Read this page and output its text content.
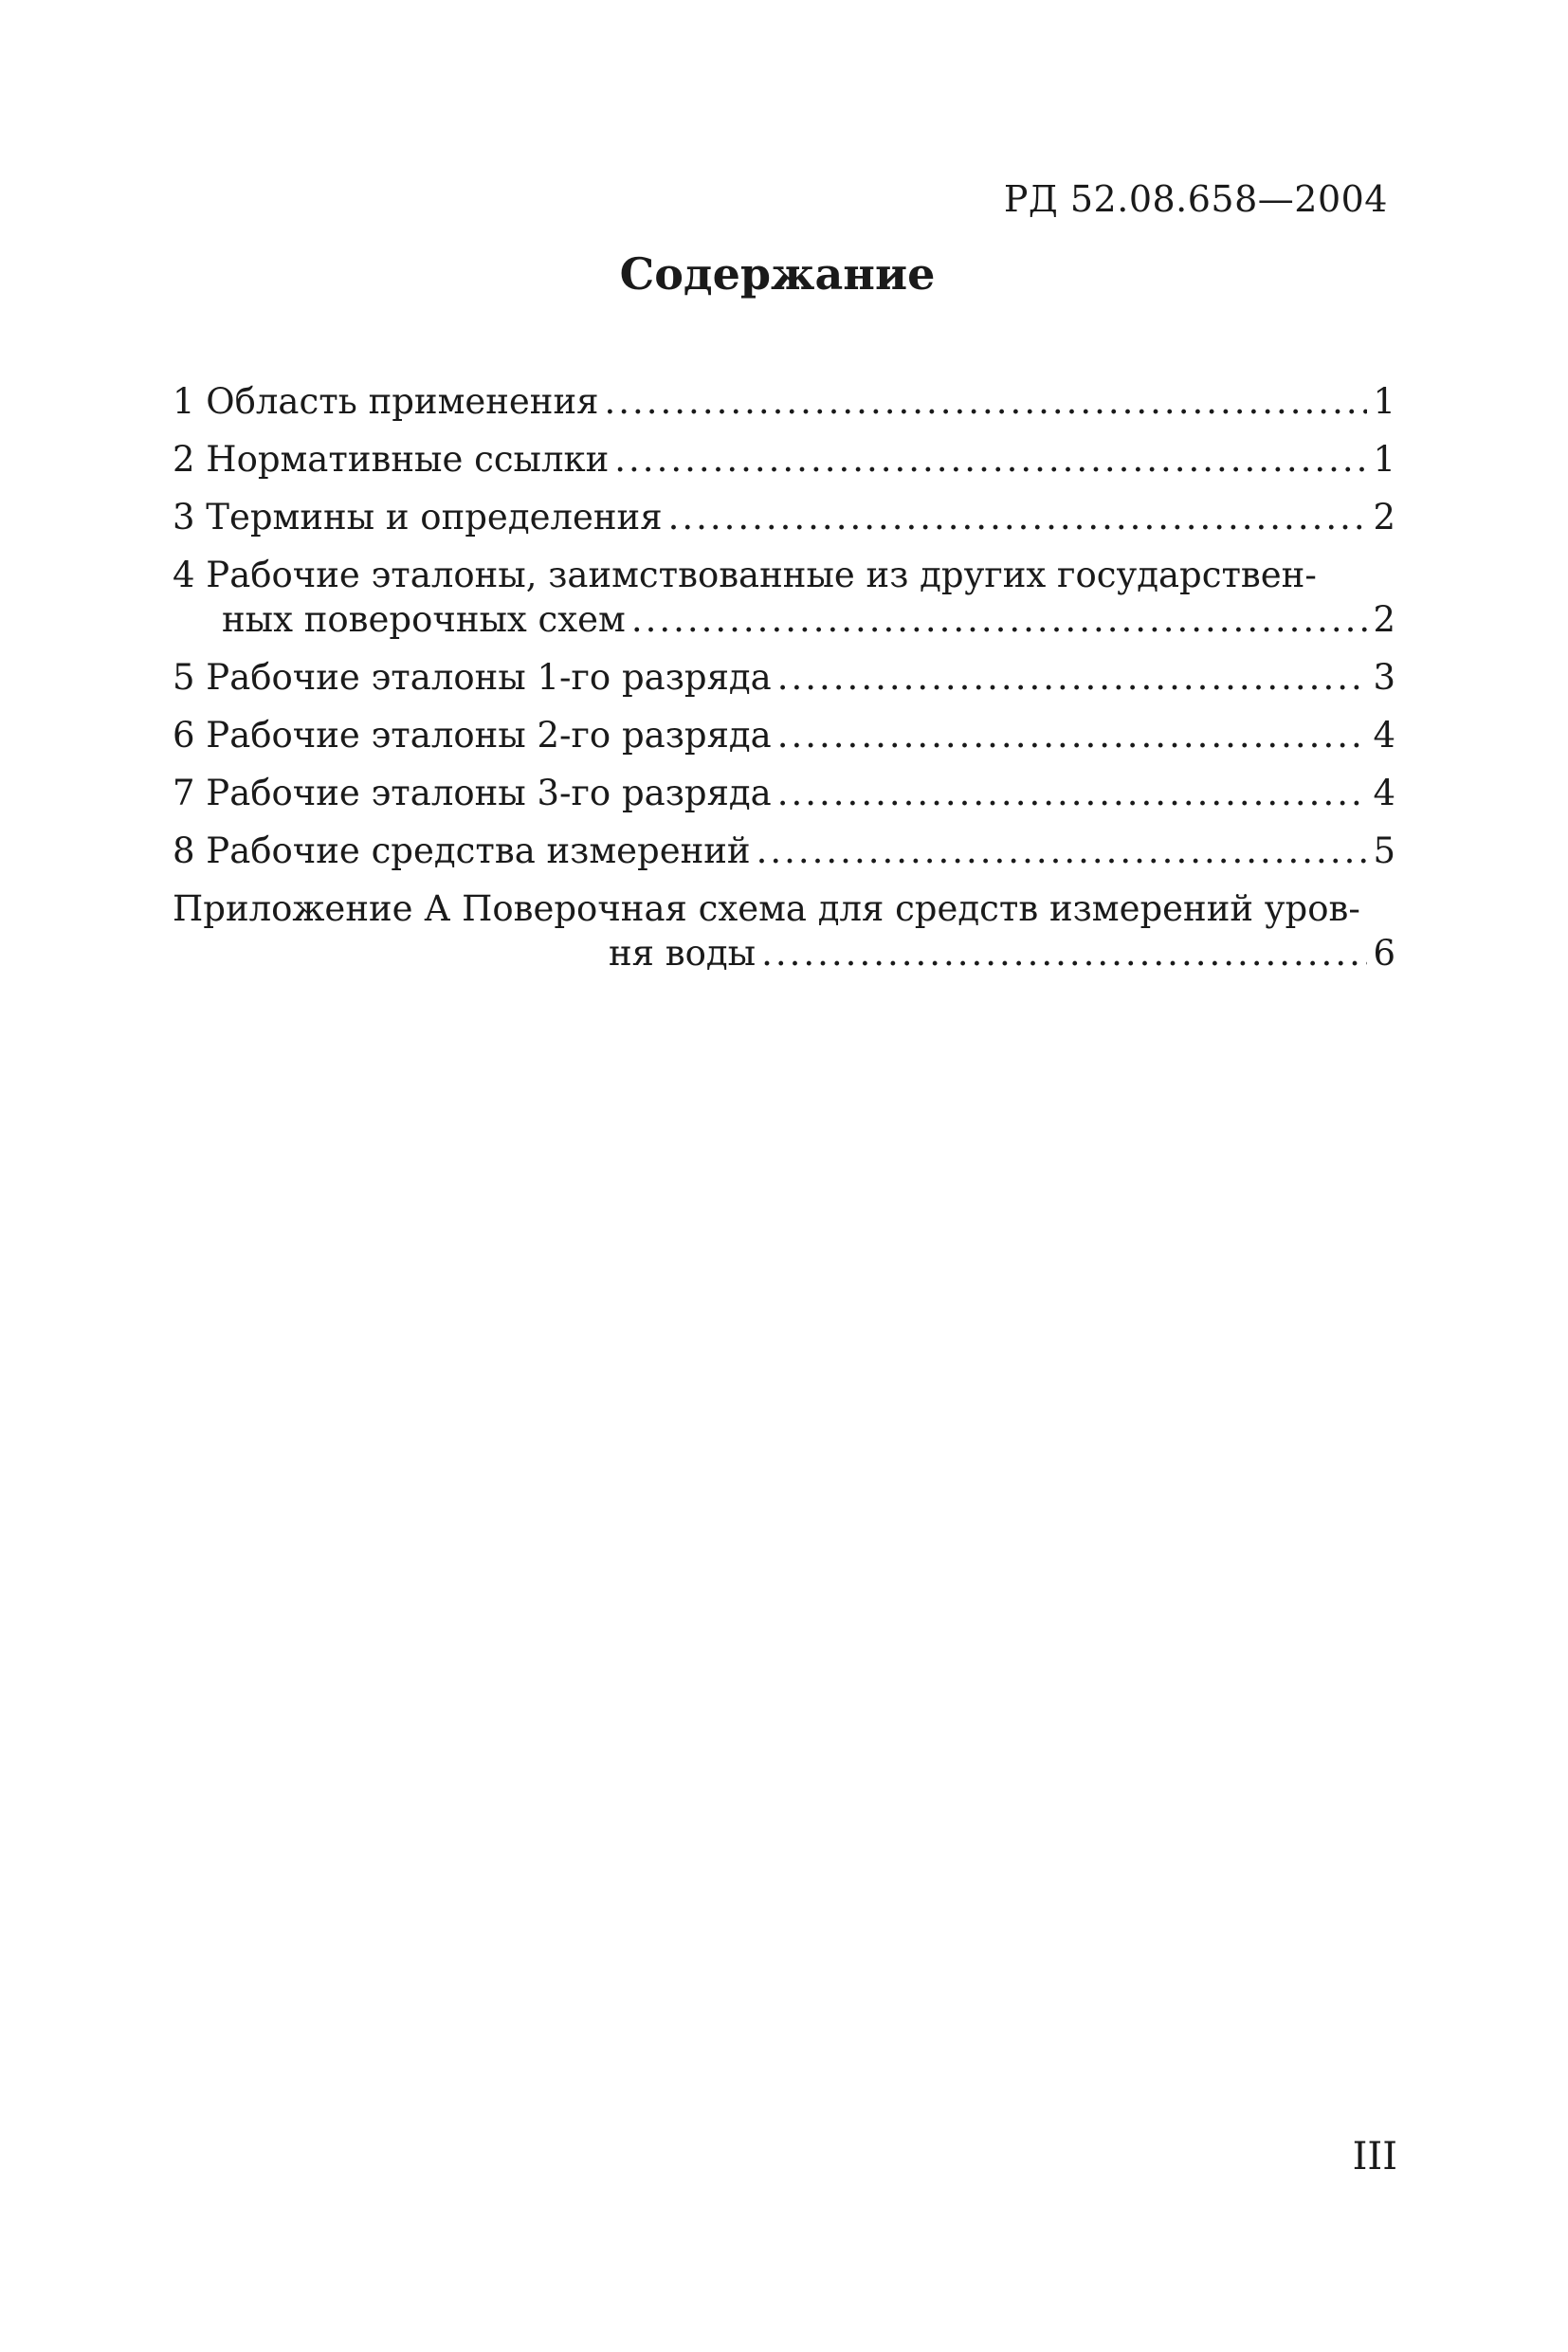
РД 52.08.658—2004
Содержание
1 Область применения .....	1
2 Нормативные ссылки .....	1
3 Термины и определения .....	2
4 Рабочие эталоны, заимствованные из других государствен-
ных поверочных схем .....	2
5 Рабочие эталоны 1-го разряда .....	3
6 Рабочие эталоны 2-го разряда .....	4
7 Рабочие эталоны 3-го разряда .....	4
8 Рабочие средства измерений .....	5
Приложение А Поверочная схема для средств измерений уров-
ня воды .....	6
III
